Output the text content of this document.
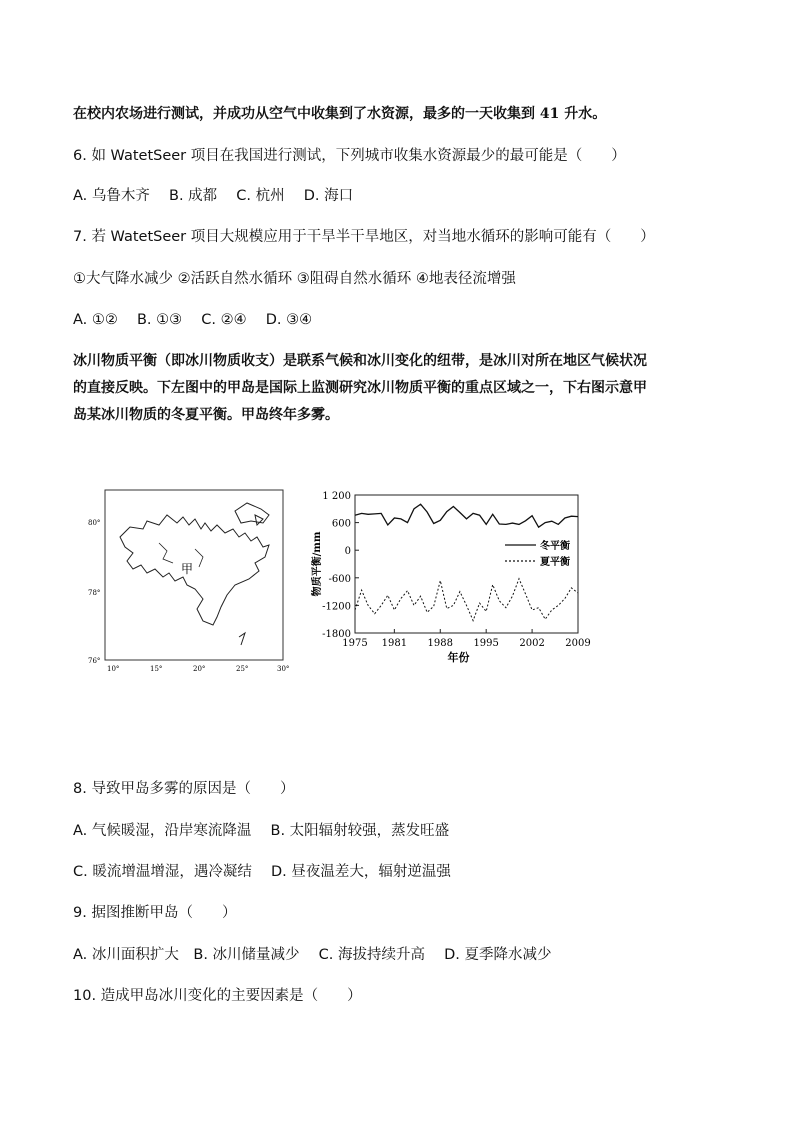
在校内农场进行测试，并成功从空气中收集到了水资源，最多的一天收集到 41 升水。
6. 如 WatetSeer 项目在我国进行测试，下列城市收集水资源最少的最可能是（　　）
A. 乌鲁木齐　 B. 成都　 C. 杭州　 D. 海口
7. 若 WatetSeer 项目大规模应用于干旱半干旱地区，对当地水循环的影响可能有（　　）
①大气降水减少 ②活跃自然水循环 ③阻碍自然水循环 ④地表径流增强
A. ①②　 B. ①③　 C. ②④　 D. ③④
冰川物质平衡（即冰川物质收支）是联系气候和冰川变化的纽带，是冰川对所在地区气候状况
的直接反映。下左图中的甲岛是国际上监测研究冰川物质平衡的重点区域之一，下右图示意甲
岛某冰川物质的冬夏平衡。甲岛终年多雾。
甲
80°
78°
76°
10°	15°	20°	25°	30°
1 200
600
0
-600
-1200
-1800
1975 1981 1988 1995 2002 2009
年份
物质平衡/mm	冬平衡
夏平衡
8. 导致甲岛多雾的原因是（　　）
A. 气候暖湿，沿岸寒流降温　 B. 太阳辐射较强，蒸发旺盛
C. 暖流增温增湿，遇冷凝结　 D. 昼夜温差大，辐射逆温强
9. 据图推断甲岛（　　）
A. 冰川面积扩大　B. 冰川储量减少　 C. 海拔持续升高　 D. 夏季降水减少
10. 造成甲岛冰川变化的主要因素是（　　）
